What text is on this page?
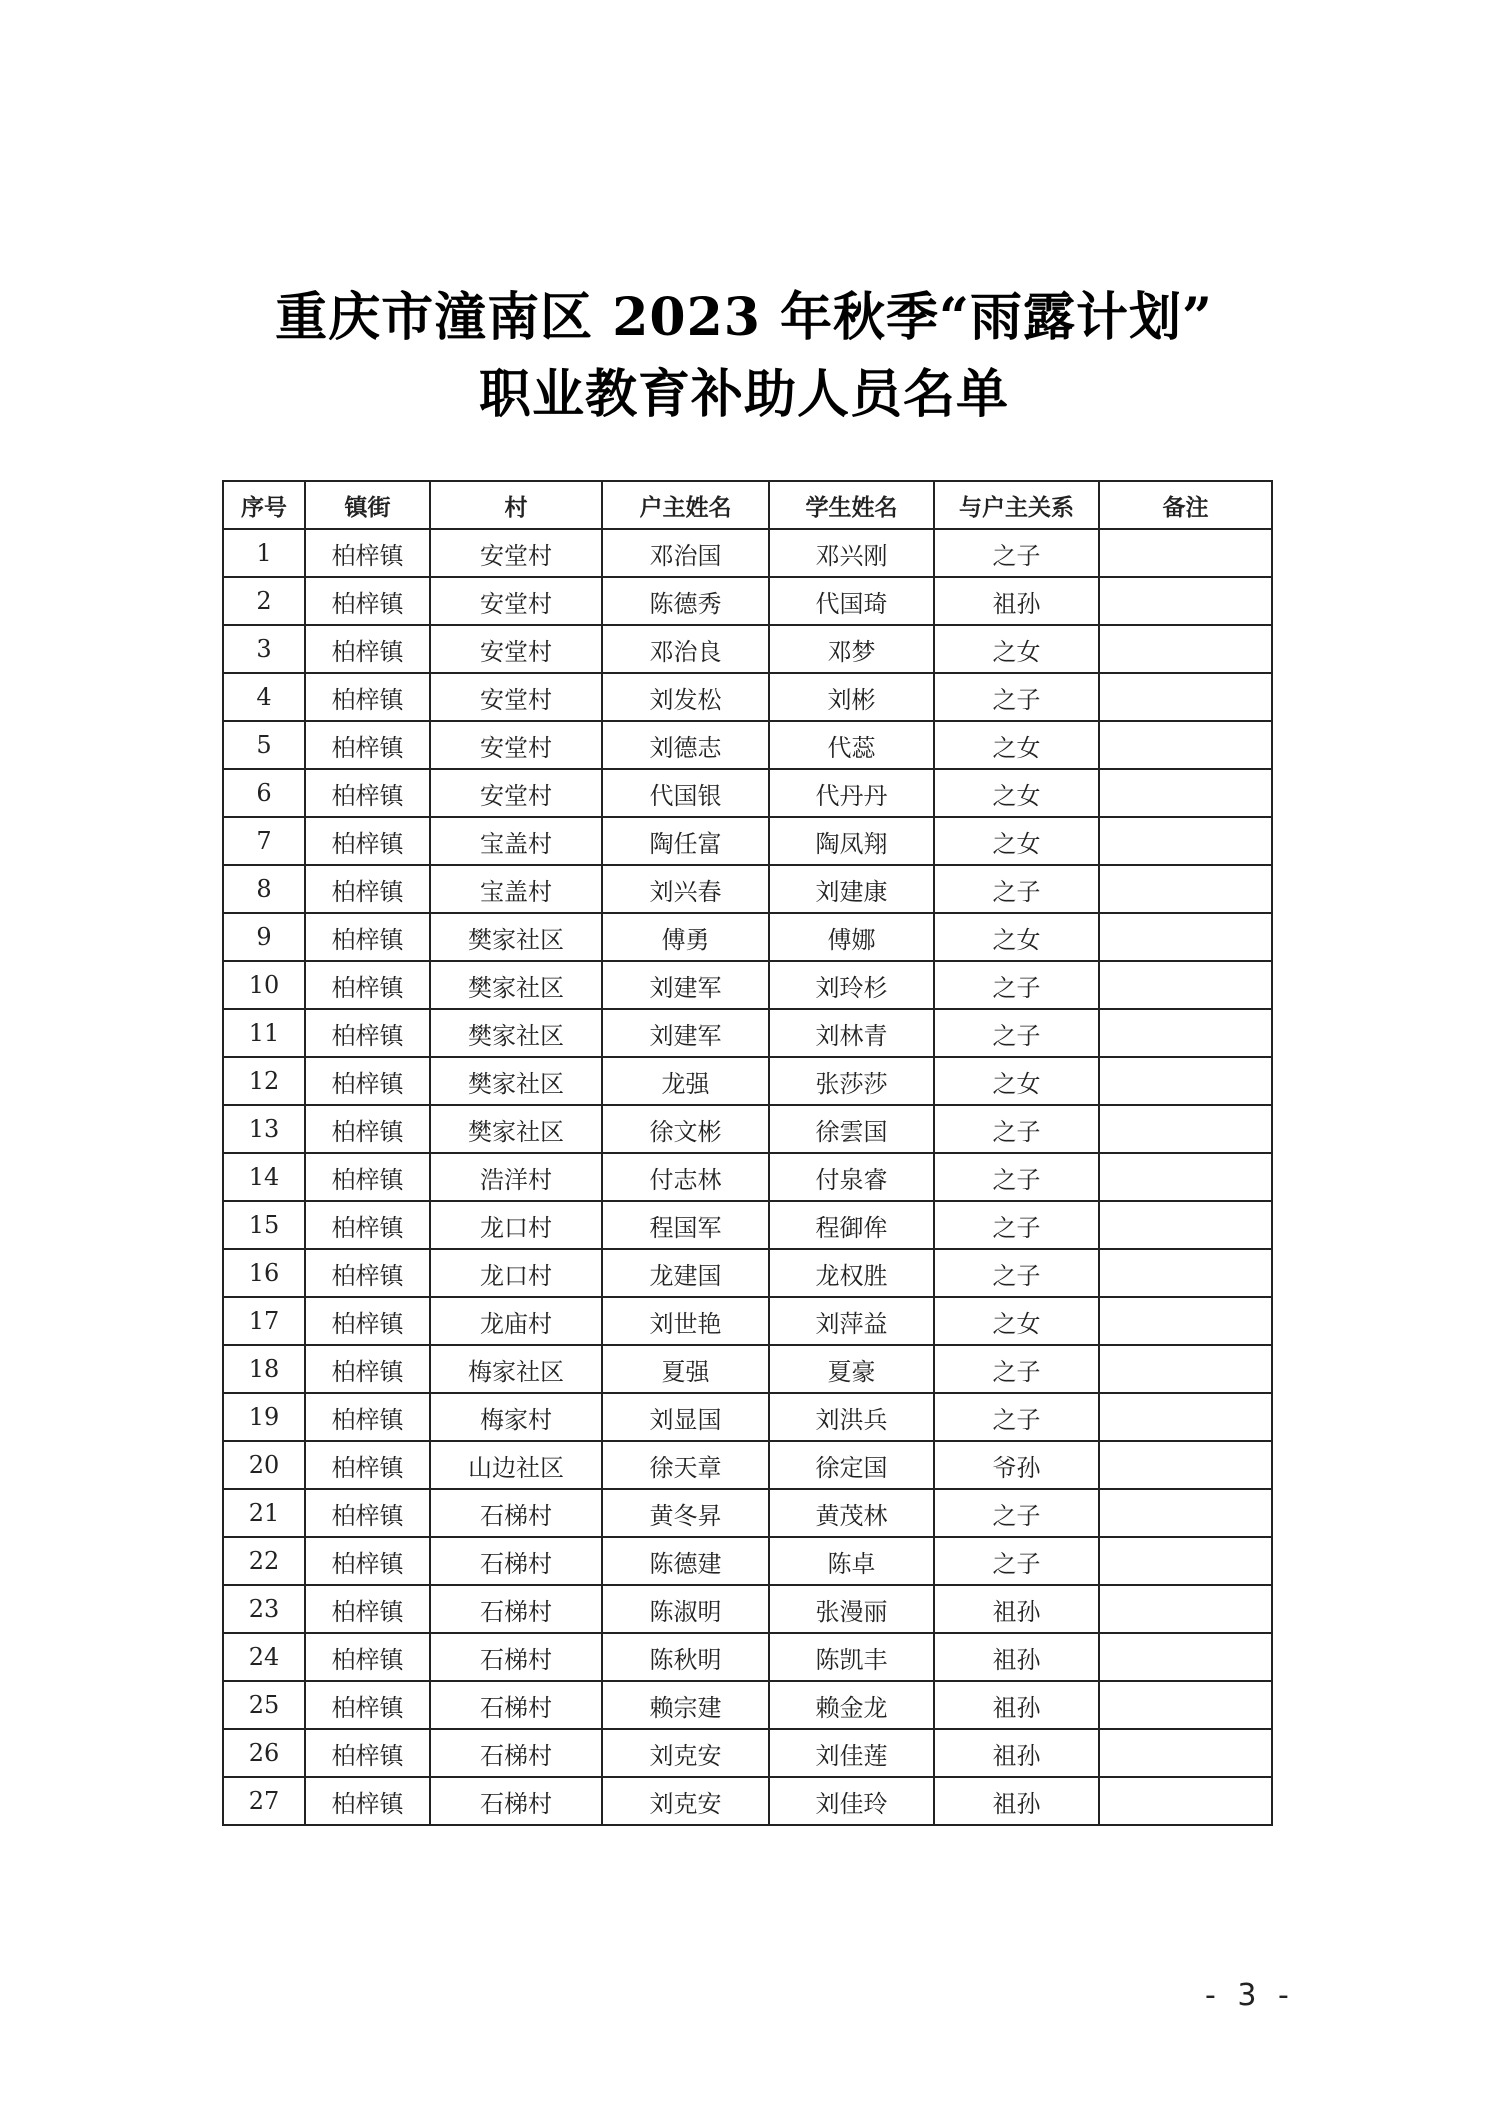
重庆市潼南区 2023 年秋季“雨露计划”
职业教育补助人员名单
序号	镇街	村	户主姓名	学生姓名	与户主关系	备注
1	柏梓镇	安堂村	邓治国	邓兴刚	之子	
2	柏梓镇	安堂村	陈德秀	代国琦	祖孙	
3	柏梓镇	安堂村	邓治良	邓梦	之女	
4	柏梓镇	安堂村	刘发松	刘彬	之子	
5	柏梓镇	安堂村	刘德志	代蕊	之女	
6	柏梓镇	安堂村	代国银	代丹丹	之女	
7	柏梓镇	宝盖村	陶任富	陶凤翔	之女	
8	柏梓镇	宝盖村	刘兴春	刘建康	之子	
9	柏梓镇	樊家社区	傅勇	傅娜	之女	
10	柏梓镇	樊家社区	刘建军	刘玲杉	之子	
11	柏梓镇	樊家社区	刘建军	刘林青	之子	
12	柏梓镇	樊家社区	龙强	张莎莎	之女	
13	柏梓镇	樊家社区	徐文彬	徐雲国	之子	
14	柏梓镇	浩洋村	付志林	付泉睿	之子	
15	柏梓镇	龙口村	程国军	程御侔	之子	
16	柏梓镇	龙口村	龙建国	龙权胜	之子	
17	柏梓镇	龙庙村	刘世艳	刘萍益	之女	
18	柏梓镇	梅家社区	夏强	夏豪	之子	
19	柏梓镇	梅家村	刘显国	刘洪兵	之子	
20	柏梓镇	山边社区	徐天章	徐定国	爷孙	
21	柏梓镇	石梯村	黄冬昇	黄茂林	之子	
22	柏梓镇	石梯村	陈德建	陈卓	之子	
23	柏梓镇	石梯村	陈淑明	张漫丽	祖孙	
24	柏梓镇	石梯村	陈秋明	陈凯丰	祖孙	
25	柏梓镇	石梯村	赖宗建	赖金龙	祖孙	
26	柏梓镇	石梯村	刘克安	刘佳莲	祖孙	
27	柏梓镇	石梯村	刘克安	刘佳玲	祖孙	
- 3 -
